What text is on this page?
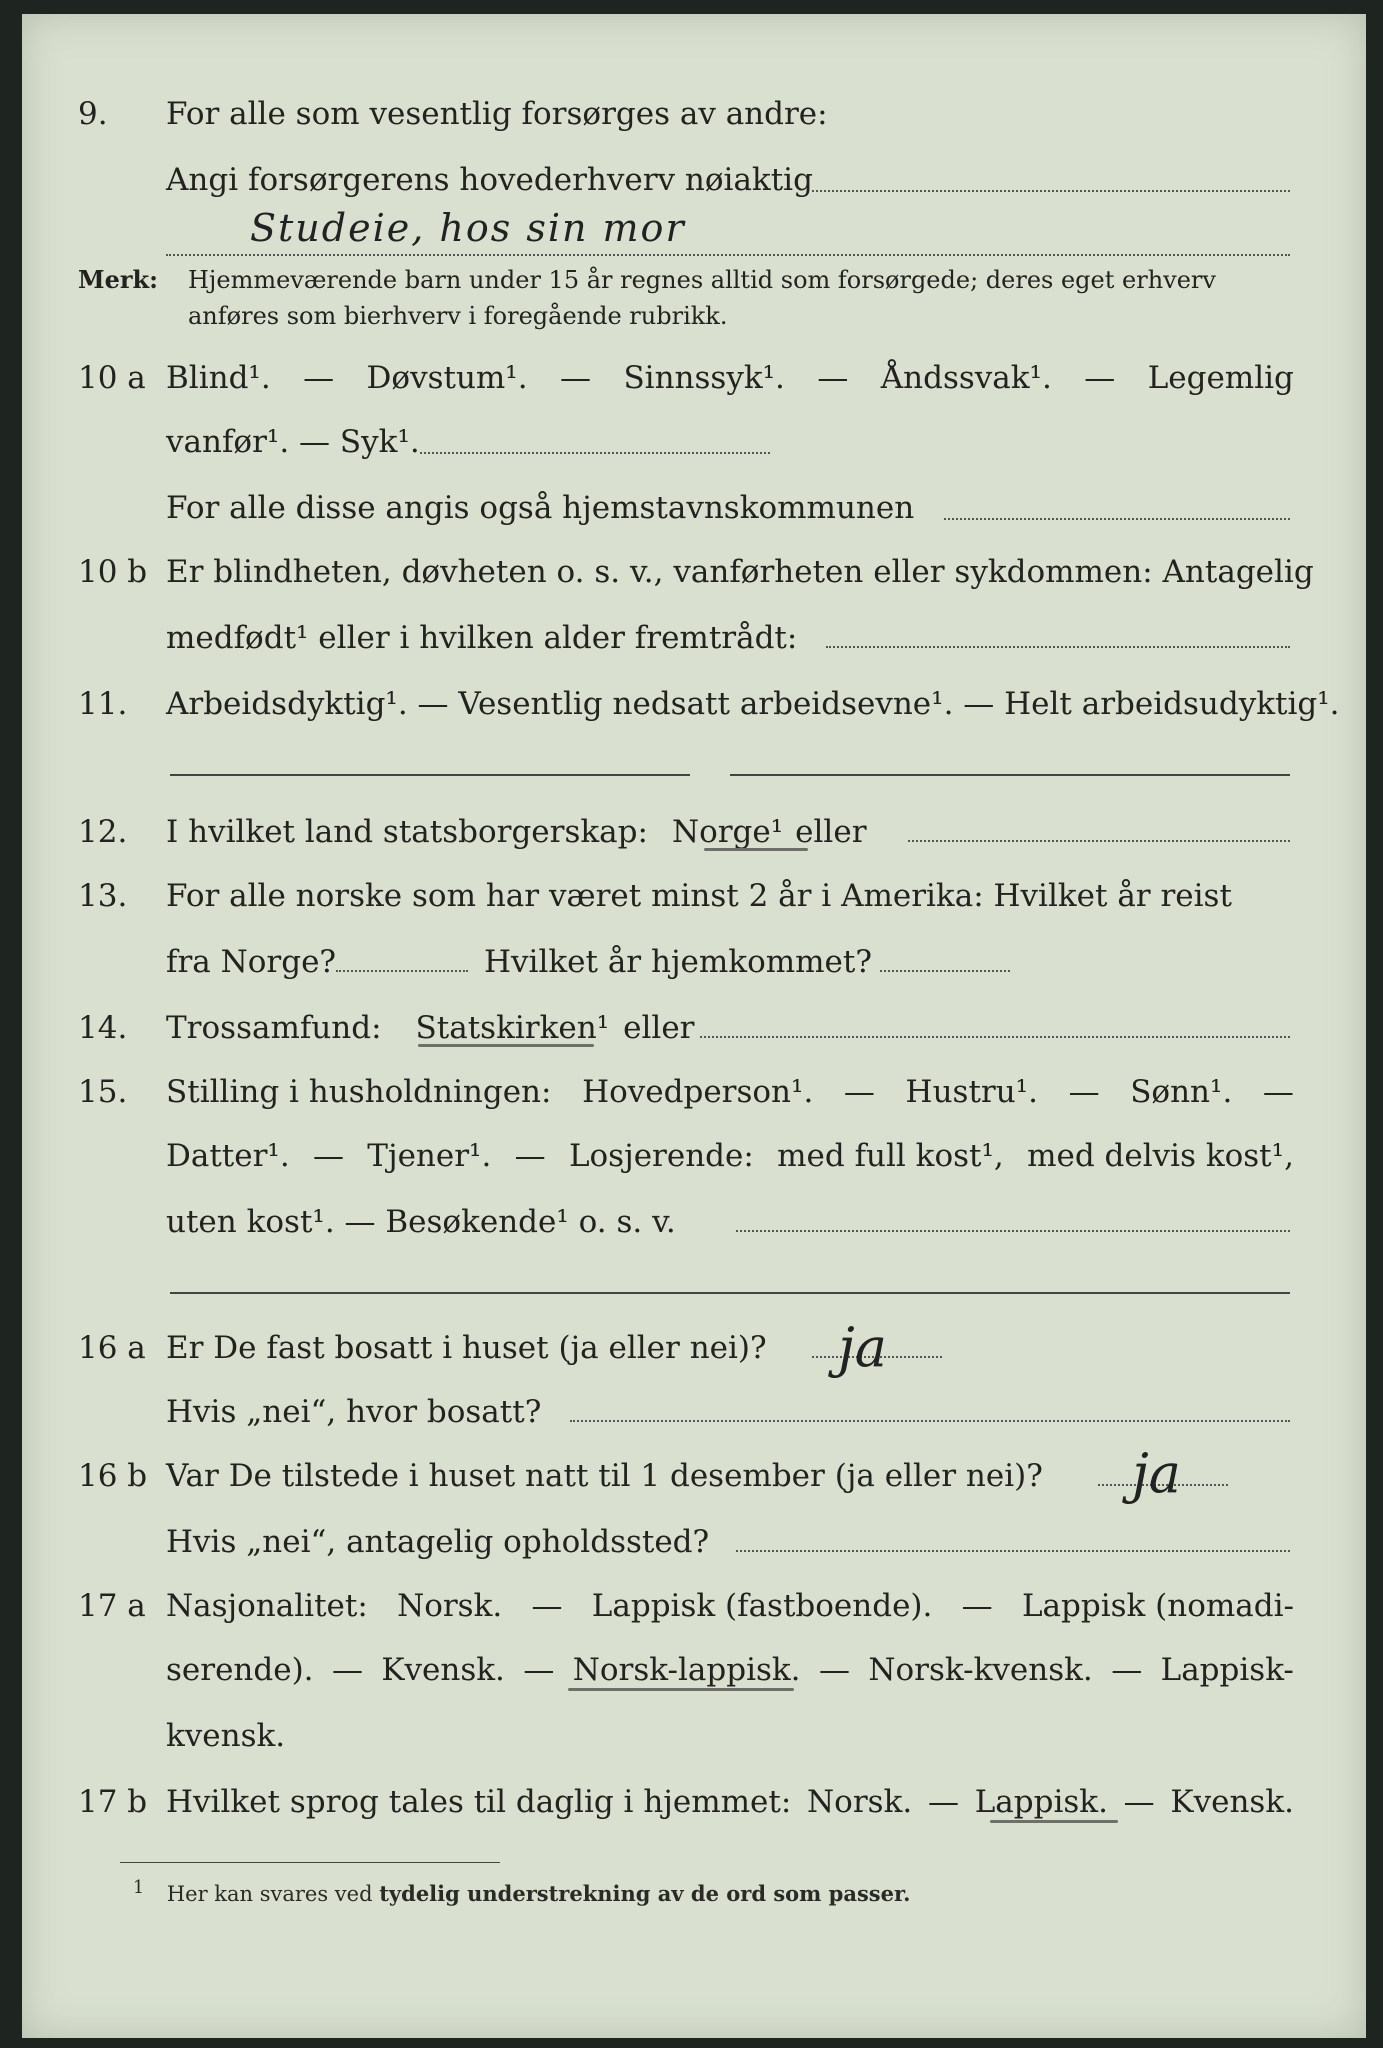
9. For alle som vesentlig forsørges av andre:
Angi forsørgerens hovederhverv nøiaktig
Studeie, hos sin mor
Merk: Hjemmeværende barn under 15 år regnes alltid som forsørgede; deres eget erhverv
anføres som bierhverv i foregående rubrikk.
10 a Blind¹. — Døvstum¹. — Sinnssyk¹. — Åndssvak¹. — Legemlig
vanfør¹. — Syk¹.
For alle disse angis også hjemstavnskommunen
10 b Er blindheten, døvheten o. s. v., vanførheten eller sykdommen: Antagelig
medfødt¹ eller i hvilken alder fremtrådt:
11. Arbeidsdyktig¹. — Vesentlig nedsatt arbeidsevne¹. — Helt arbeidsudyktig¹.
12. I hvilket land statsborgerskap: Norge¹ eller
13. For alle norske som har været minst 2 år i Amerika: Hvilket år reist
fra Norge?	Hvilket år hjemkommet?
14. Trossamfund: Statskirken¹ eller
15. Stilling i husholdningen: Hovedperson¹. — Hustru¹. — Sønn¹. —
Datter¹. — Tjener¹. — Losjerende: med full kost¹, med delvis kost¹,
uten kost¹. — Besøkende¹ o. s. v.
16 a Er De fast bosatt i huset (ja eller nei)? ja
Hvis „nei“, hvor bosatt?
16 b Var De tilstede i huset natt til 1 desember (ja eller nei)? ja
Hvis „nei“, antagelig opholdssted?
17 a Nasjonalitet: Norsk. — Lappisk (fastboende). — Lappisk (nomadi-
serende). — Kvensk. — Norsk-lappisk. — Norsk-kvensk. — Lappisk-
kvensk.
17 b Hvilket sprog tales til daglig i hjemmet: Norsk. — Lappisk. — Kvensk.
$^1$ Her kan svares ved tydelig understrekning av de ord som passer.
